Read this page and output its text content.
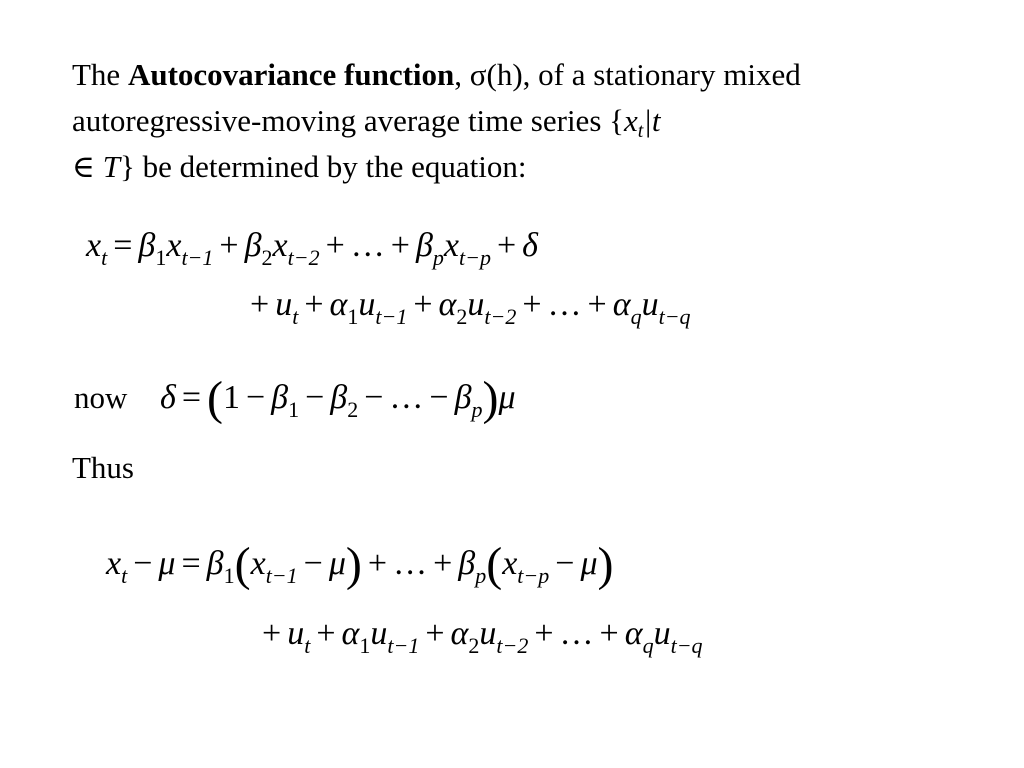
The Autocovariance function, σ(h), of a stationary mixed autoregressive-moving average time series {$x_t|t$
∈ T} be determined by the equation:
$x_t = \beta_1x_{t-1} + \beta_2x_{t-2}$ + … + $\beta_px_{t-p} + \delta$
+ $u_t + \alpha_1u_{t-1} + \alpha_2u_{t-2}$ + … + $\alpha_qu_{t-q}$
now $\delta = (1 - \beta_1 - \beta_2$ − … − $\beta_p)\mu$
Thus
$x_t - \mu = \beta_1(x_{t-1} - \mu)$ + … + $\beta_p(x_{t-p} - \mu)$
+ $u_t + \alpha_1u_{t-1} + \alpha_2u_{t-2}$ + … + $\alpha_qu_{t-q}$
